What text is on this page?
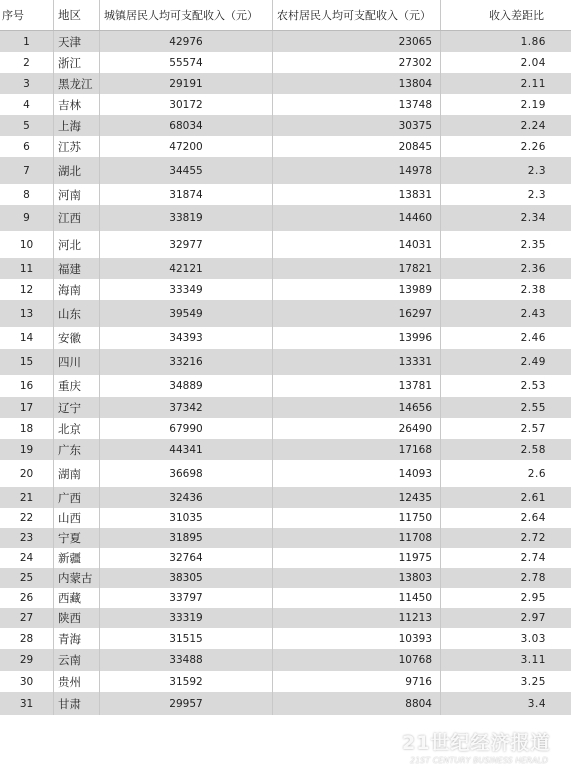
序号	地区	城镇居民人均可支配收入（元）	农村居民人均可支配收入（元）	收入差距比
1	天津	42976	23065	1.86
2	浙江	55574	27302	2.04
3	黑龙江	29191	13804	2.11
4	吉林	30172	13748	2.19
5	上海	68034	30375	2.24
6	江苏	47200	20845	2.26
7	湖北	34455	14978	2.3
8	河南	31874	13831	2.3
9	江西	33819	14460	2.34
10	河北	32977	14031	2.35
11	福建	42121	17821	2.36
12	海南	33349	13989	2.38
13	山东	39549	16297	2.43
14	安徽	34393	13996	2.46
15	四川	33216	13331	2.49
16	重庆	34889	13781	2.53
17	辽宁	37342	14656	2.55
18	北京	67990	26490	2.57
19	广东	44341	17168	2.58
20	湖南	36698	14093	2.6
21	广西	32436	12435	2.61
22	山西	31035	11750	2.64
23	宁夏	31895	11708	2.72
24	新疆	32764	11975	2.74
25	内蒙古	38305	13803	2.78
26	西藏	33797	11450	2.95
27	陕西	33319	11213	2.97
28	青海	31515	10393	3.03
29	云南	33488	10768	3.11
30	贵州	31592	9716	3.25
31	甘肃	29957	8804	3.4
21世纪经济报道
21ST CENTURY BUSINESS HERALD
